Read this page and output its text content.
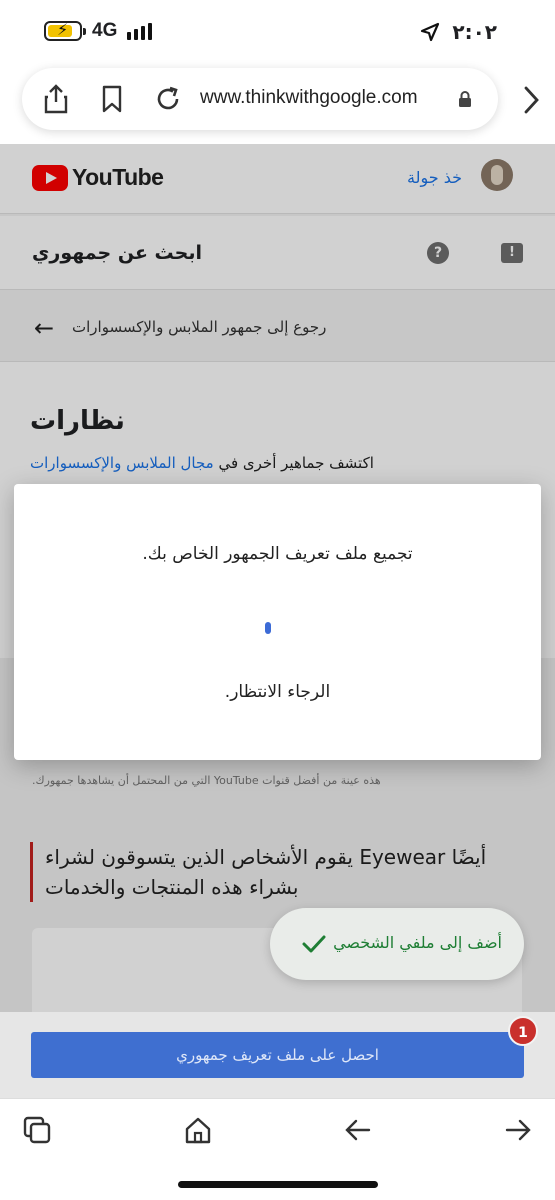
⚡ 4G	٢:٠٢
www.thinkwithgoogle.com
YouTube	خذ جولة
ابحث عن جمهوري	?	!
← رجوع إلى جمهور الملابس والإكسسوارات
نظارات
اكتشف جماهير أخرى في مجال الملابس والإكسسوارات
.التي من المحتمل أن يشاهدها جمهورك YouTube هذه عينة من أفضل قنوات
أيضًا Eyewear يقوم الأشخاص الذين يتسوقون لشراء بشراء هذه المنتجات والخدمات
.تجميع ملف تعريف الجمهور الخاص بك
.الرجاء الانتظار
أضف إلى ملفي الشخصي
احصل على ملف تعريف جمهوري
1
